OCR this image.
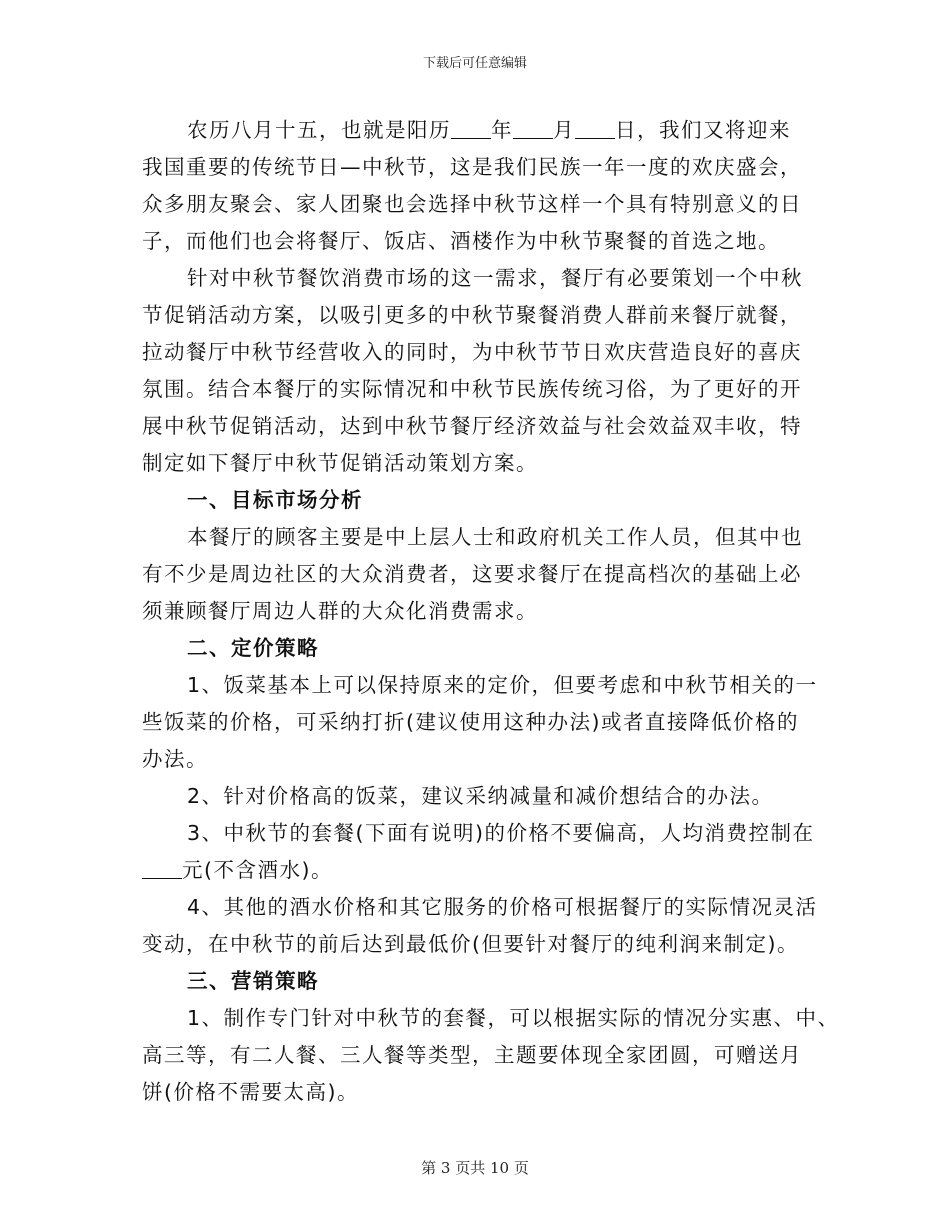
下载后可任意编辑
农历八月十五，也就是阳历 年 月 日，我们又将迎来
我国重要的传统节日—中秋节，这是我们民族一年一度的欢庆盛会，
众多朋友聚会、家人团聚也会选择中秋节这样一个具有特别意义的日
子，而他们也会将餐厅、饭店、酒楼作为中秋节聚餐的首选之地。
针对中秋节餐饮消费市场的这一需求，餐厅有必要策划一个中秋
节促销活动方案，以吸引更多的中秋节聚餐消费人群前来餐厅就餐，
拉动餐厅中秋节经营收入的同时，为中秋节节日欢庆营造良好的喜庆
氛围。结合本餐厅的实际情况和中秋节民族传统习俗，为了更好的开
展中秋节促销活动，达到中秋节餐厅经济效益与社会效益双丰收，特
制定如下餐厅中秋节促销活动策划方案。
一、目标市场分析
本餐厅的顾客主要是中上层人士和政府机关工作人员，但其中也
有不少是周边社区的大众消费者，这要求餐厅在提高档次的基础上必
须兼顾餐厅周边人群的大众化消费需求。
二、定价策略
1、饭菜基本上可以保持原来的定价，但要考虑和中秋节相关的一
些饭菜的价格，可采纳打折(建议使用这种办法)或者直接降低价格的
办法。
2、针对价格高的饭菜，建议采纳减量和减价想结合的办法。
3、中秋节的套餐(下面有说明)的价格不要偏高，人均消费控制在
元(不含酒水)。
4、其他的酒水价格和其它服务的价格可根据餐厅的实际情况灵活
变动，在中秋节的前后达到最低价(但要针对餐厅的纯利润来制定)。
三、营销策略
1、制作专门针对中秋节的套餐，可以根据实际的情况分实惠、中、
高三等，有二人餐、三人餐等类型，主题要体现全家团圆，可赠送月
饼(价格不需要太高)。
第 3 页共 10 页
